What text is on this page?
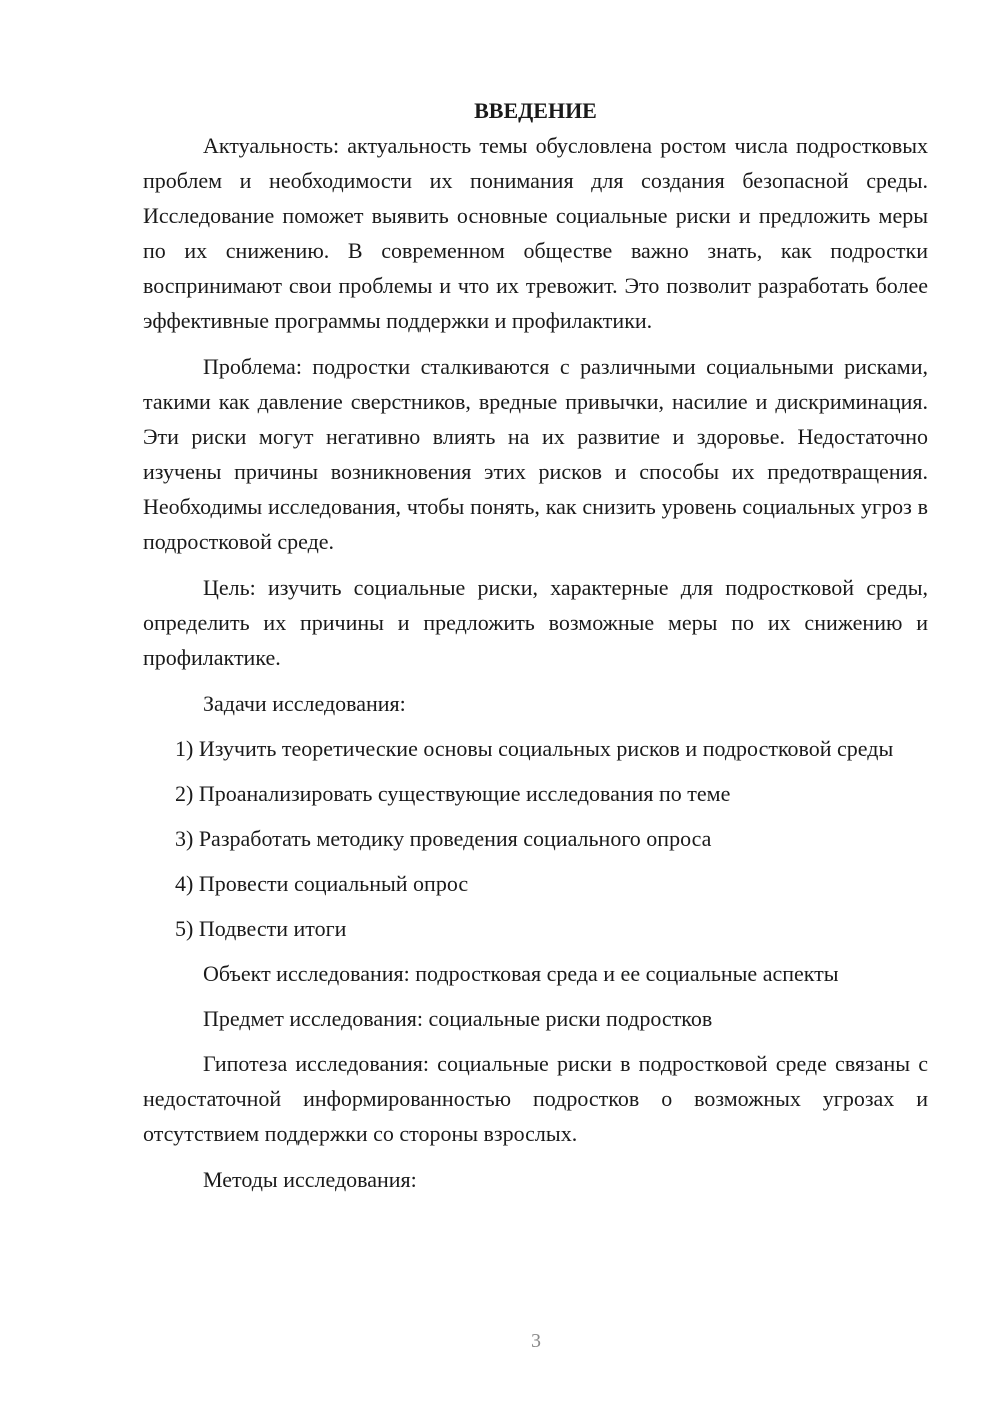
ВВЕДЕНИЕ

Актуальность: актуальность темы обусловлена ростом числа подростковых проблем и необходимости их понимания для создания безопасной среды. Исследование поможет выявить основные социальные риски и предложить меры по их снижению. В современном обществе важно знать, как подростки воспринимают свои проблемы и что их тревожит. Это позволит разработать более эффективные программы поддержки и профилактики.

Проблема: подростки сталкиваются с различными социальными рисками, такими как давление сверстников, вредные привычки, насилие и дискриминация. Эти риски могут негативно влиять на их развитие и здоровье. Недостаточно изучены причины возникновения этих рисков и способы их предотвращения. Необходимы исследования, чтобы понять, как снизить уровень социальных угроз в подростковой среде.

Цель: изучить социальные риски, характерные для подростковой среды, определить их причины и предложить возможные меры по их снижению и профилактике.

Задачи исследования:

1) Изучить теоретические основы социальных рисков и подростковой среды

2) Проанализировать существующие исследования по теме

3) Разработать методику проведения социального опроса

4) Провести социальный опрос

5) Подвести итоги

Объект исследования: подростковая среда и ее социальные аспекты

Предмет исследования: социальные риски подростков

Гипотеза исследования: социальные риски в подростковой среде связаны с недостаточной информированностью подростков о возможных угрозах и отсутствием поддержки со стороны взрослых.

Методы исследования:

3
